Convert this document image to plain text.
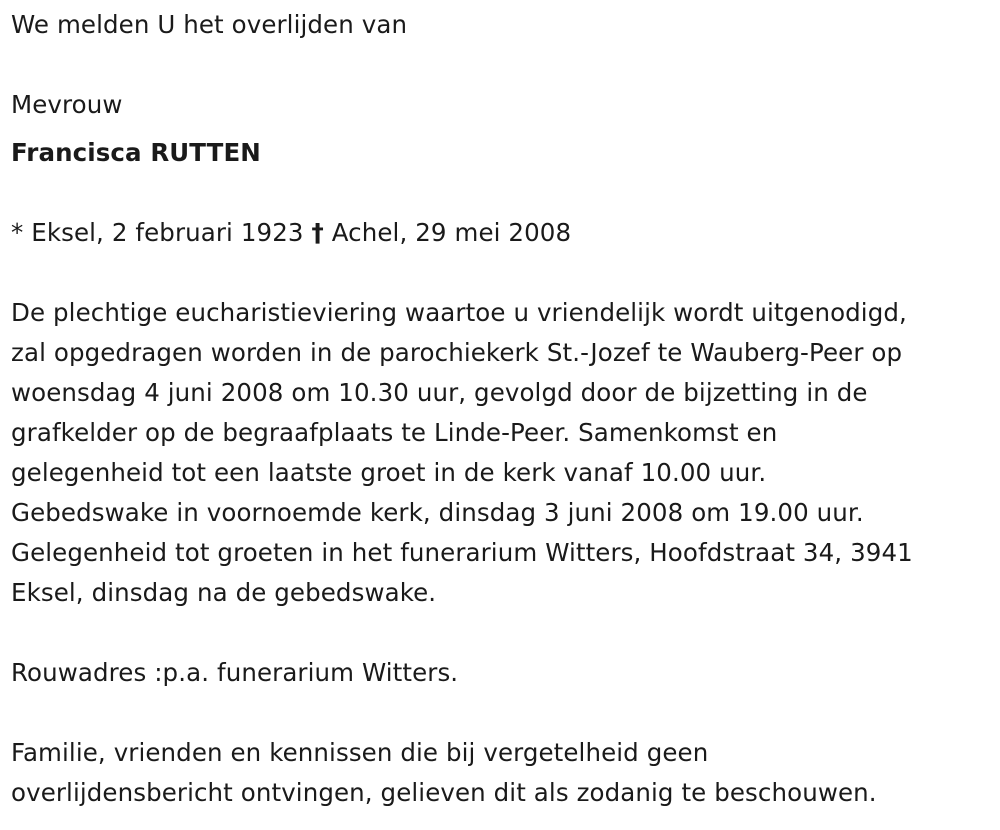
We melden U het overlijden van
Mevrouw
Francisca RUTTEN
* Eksel, 2 februari 1923 † Achel, 29 mei 2008
De plechtige eucharistieviering waartoe u vriendelijk wordt uitgenodigd,
zal opgedragen worden in de parochiekerk St.-Jozef te Wauberg-Peer op
woensdag 4 juni 2008 om 10.30 uur, gevolgd door de bijzetting in de
grafkelder op de begraafplaats te Linde-Peer. Samenkomst en
gelegenheid tot een laatste groet in de kerk vanaf 10.00 uur.
Gebedswake in voornoemde kerk, dinsdag 3 juni 2008 om 19.00 uur.
Gelegenheid tot groeten in het funerarium Witters, Hoofdstraat 34, 3941
Eksel, dinsdag na de gebedswake.
Rouwadres :p.a. funerarium Witters.
Familie, vrienden en kennissen die bij vergetelheid geen
overlijdensbericht ontvingen, gelieven dit als zodanig te beschouwen.
